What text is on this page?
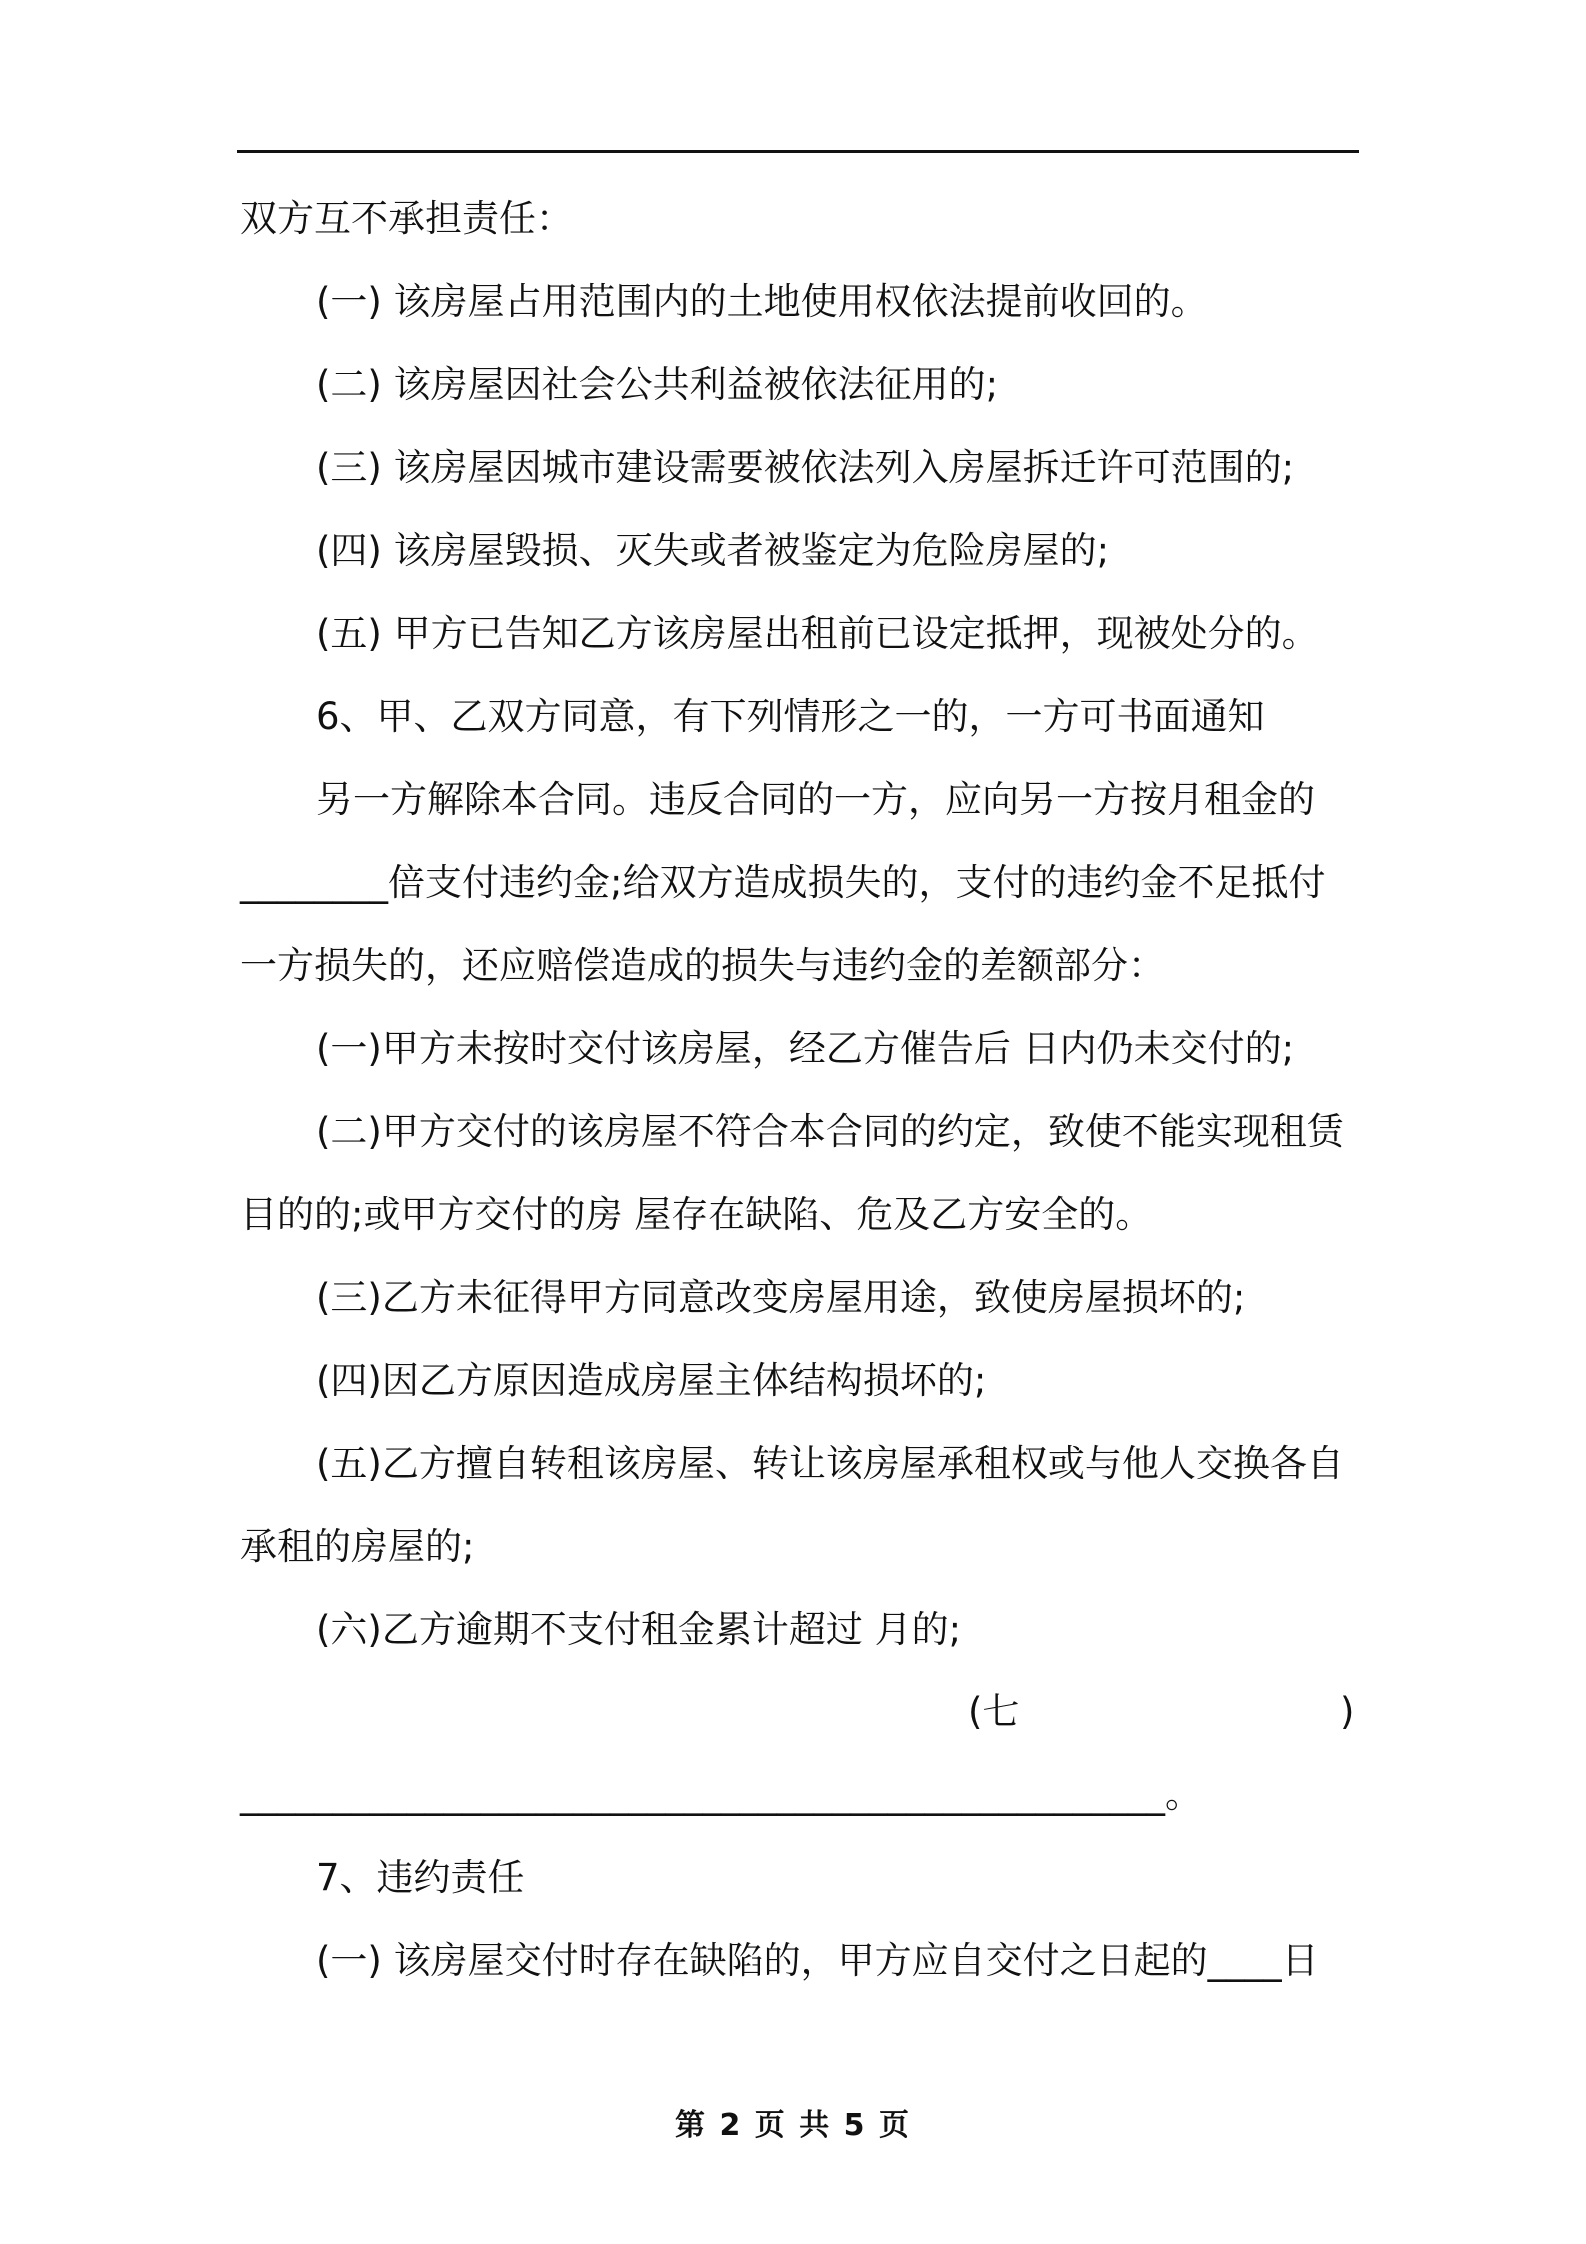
双方互不承担责任：

(一) 该房屋占用范围内的土地使用权依法提前收回的。

(二) 该房屋因社会公共利益被依法征用的;

(三) 该房屋因城市建设需要被依法列入房屋拆迁许可范围的;

(四) 该房屋毁损、灭失或者被鉴定为危险房屋的;

(五) 甲方已告知乙方该房屋出租前已设定抵押，现被处分的。

6、甲、乙双方同意，有下列情形之一的，一方可书面通知

另一方解除本合同。违反合同的一方，应向另一方按月租金的

________倍支付违约金;给双方造成损失的，支付的违约金不足抵付

一方损失的，还应赔偿造成的损失与违约金的差额部分：

(一)甲方未按时交付该房屋，经乙方催告后 日内仍未交付的;

(二)甲方交付的该房屋不符合本合同的约定，致使不能实现租赁

目的的;或甲方交付的房 屋存在缺陷、危及乙方安全的。

(三)乙方未征得甲方同意改变房屋用途，致使房屋损坏的;

(四)因乙方原因造成房屋主体结构损坏的;

(五)乙方擅自转租该房屋、转让该房屋承租权或与他人交换各自

承租的房屋的;

(六)乙方逾期不支付租金累计超过 月的;

(七	)

__________________________________________________。

7、违约责任

(一) 该房屋交付时存在缺陷的，甲方应自交付之日起的____日

第 2 页 共 5 页
